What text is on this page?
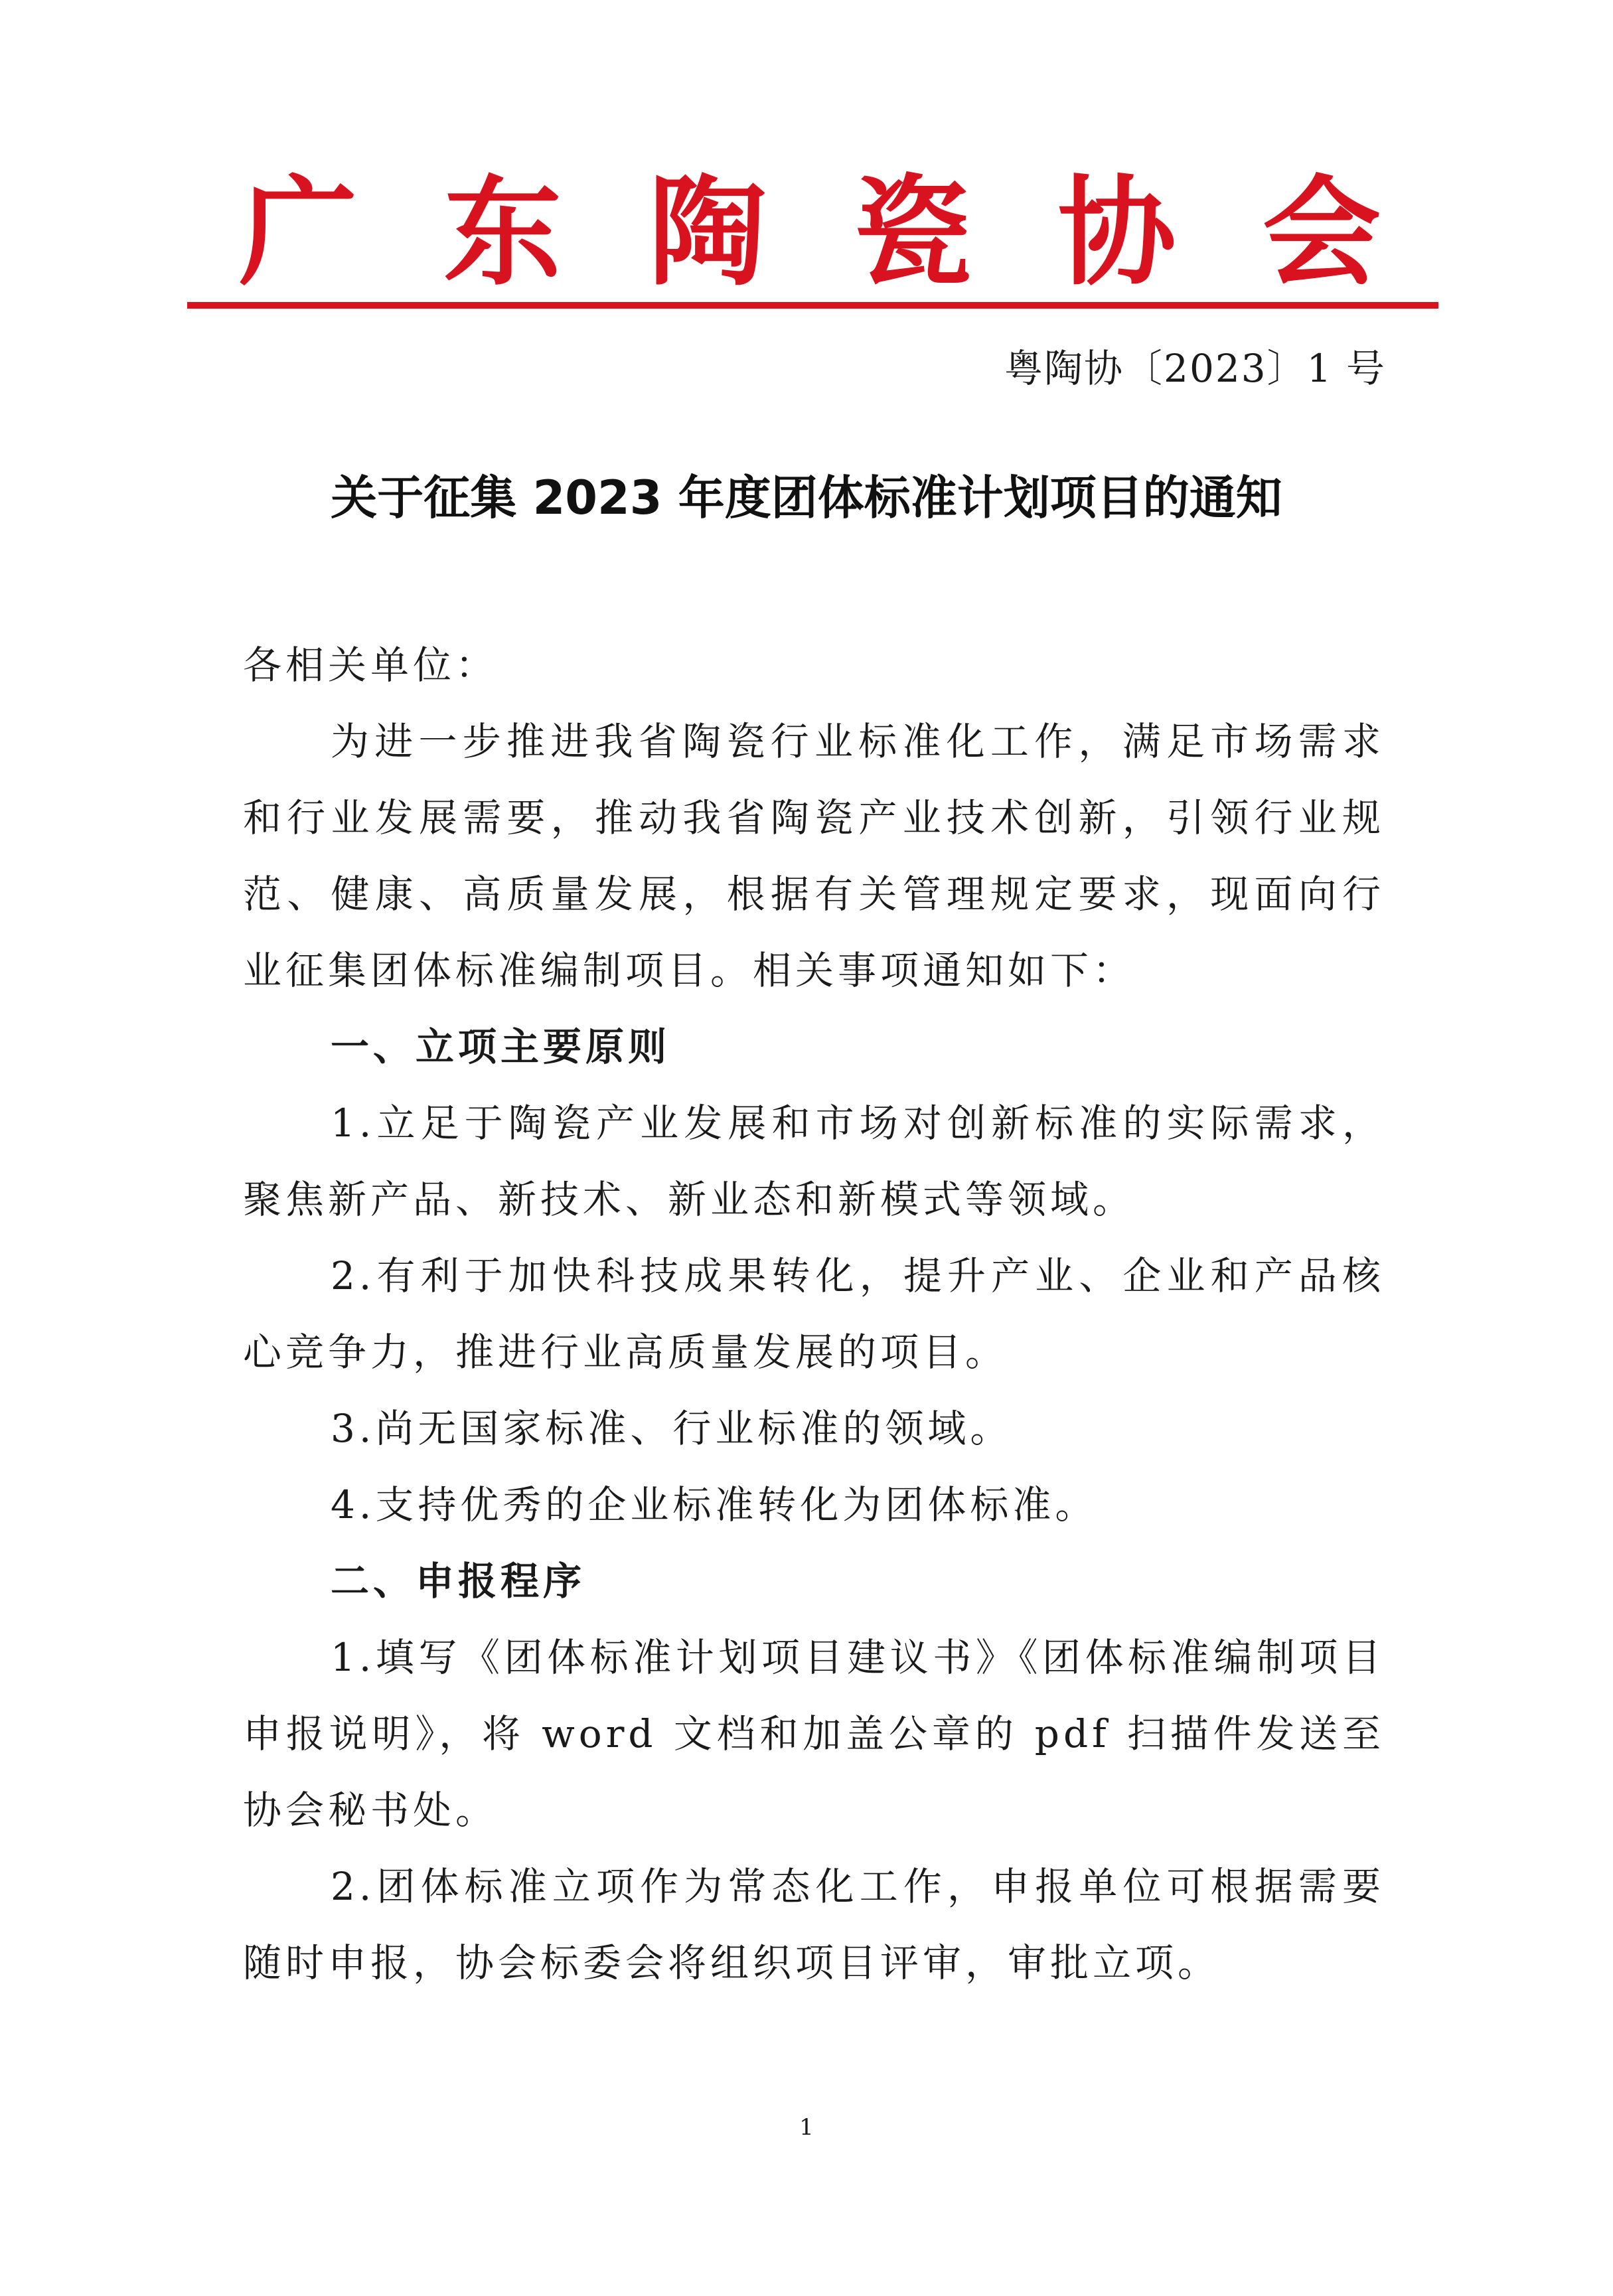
广 东 陶 瓷 协 会
粤陶协〔2023〕1 号
关于征集 2023 年度团体标准计划项目的通知

各相关单位：

为进一步推进我省陶瓷行业标准化工作，满足市场需求和行业发展需要，推动我省陶瓷产业技术创新，引领行业规范、健康、高质量发展，根据有关管理规定要求，现面向行业征集团体标准编制项目。相关事项通知如下：

一、立项主要原则

1.立足于陶瓷产业发展和市场对创新标准的实际需求，聚焦新产品、新技术、新业态和新模式等领域。

2.有利于加快科技成果转化，提升产业、企业和产品核心竞争力，推进行业高质量发展的项目。

3.尚无国家标准、行业标准的领域。

4.支持优秀的企业标准转化为团体标准。

二、申报程序

1.填写《团体标准计划项目建议书》《团体标准编制项目申报说明》，将 word 文档和加盖公章的 pdf 扫描件发送至协会秘书处。

2.团体标准立项作为常态化工作，申报单位可根据需要随时申报，协会标委会将组织项目评审，审批立项。

1
